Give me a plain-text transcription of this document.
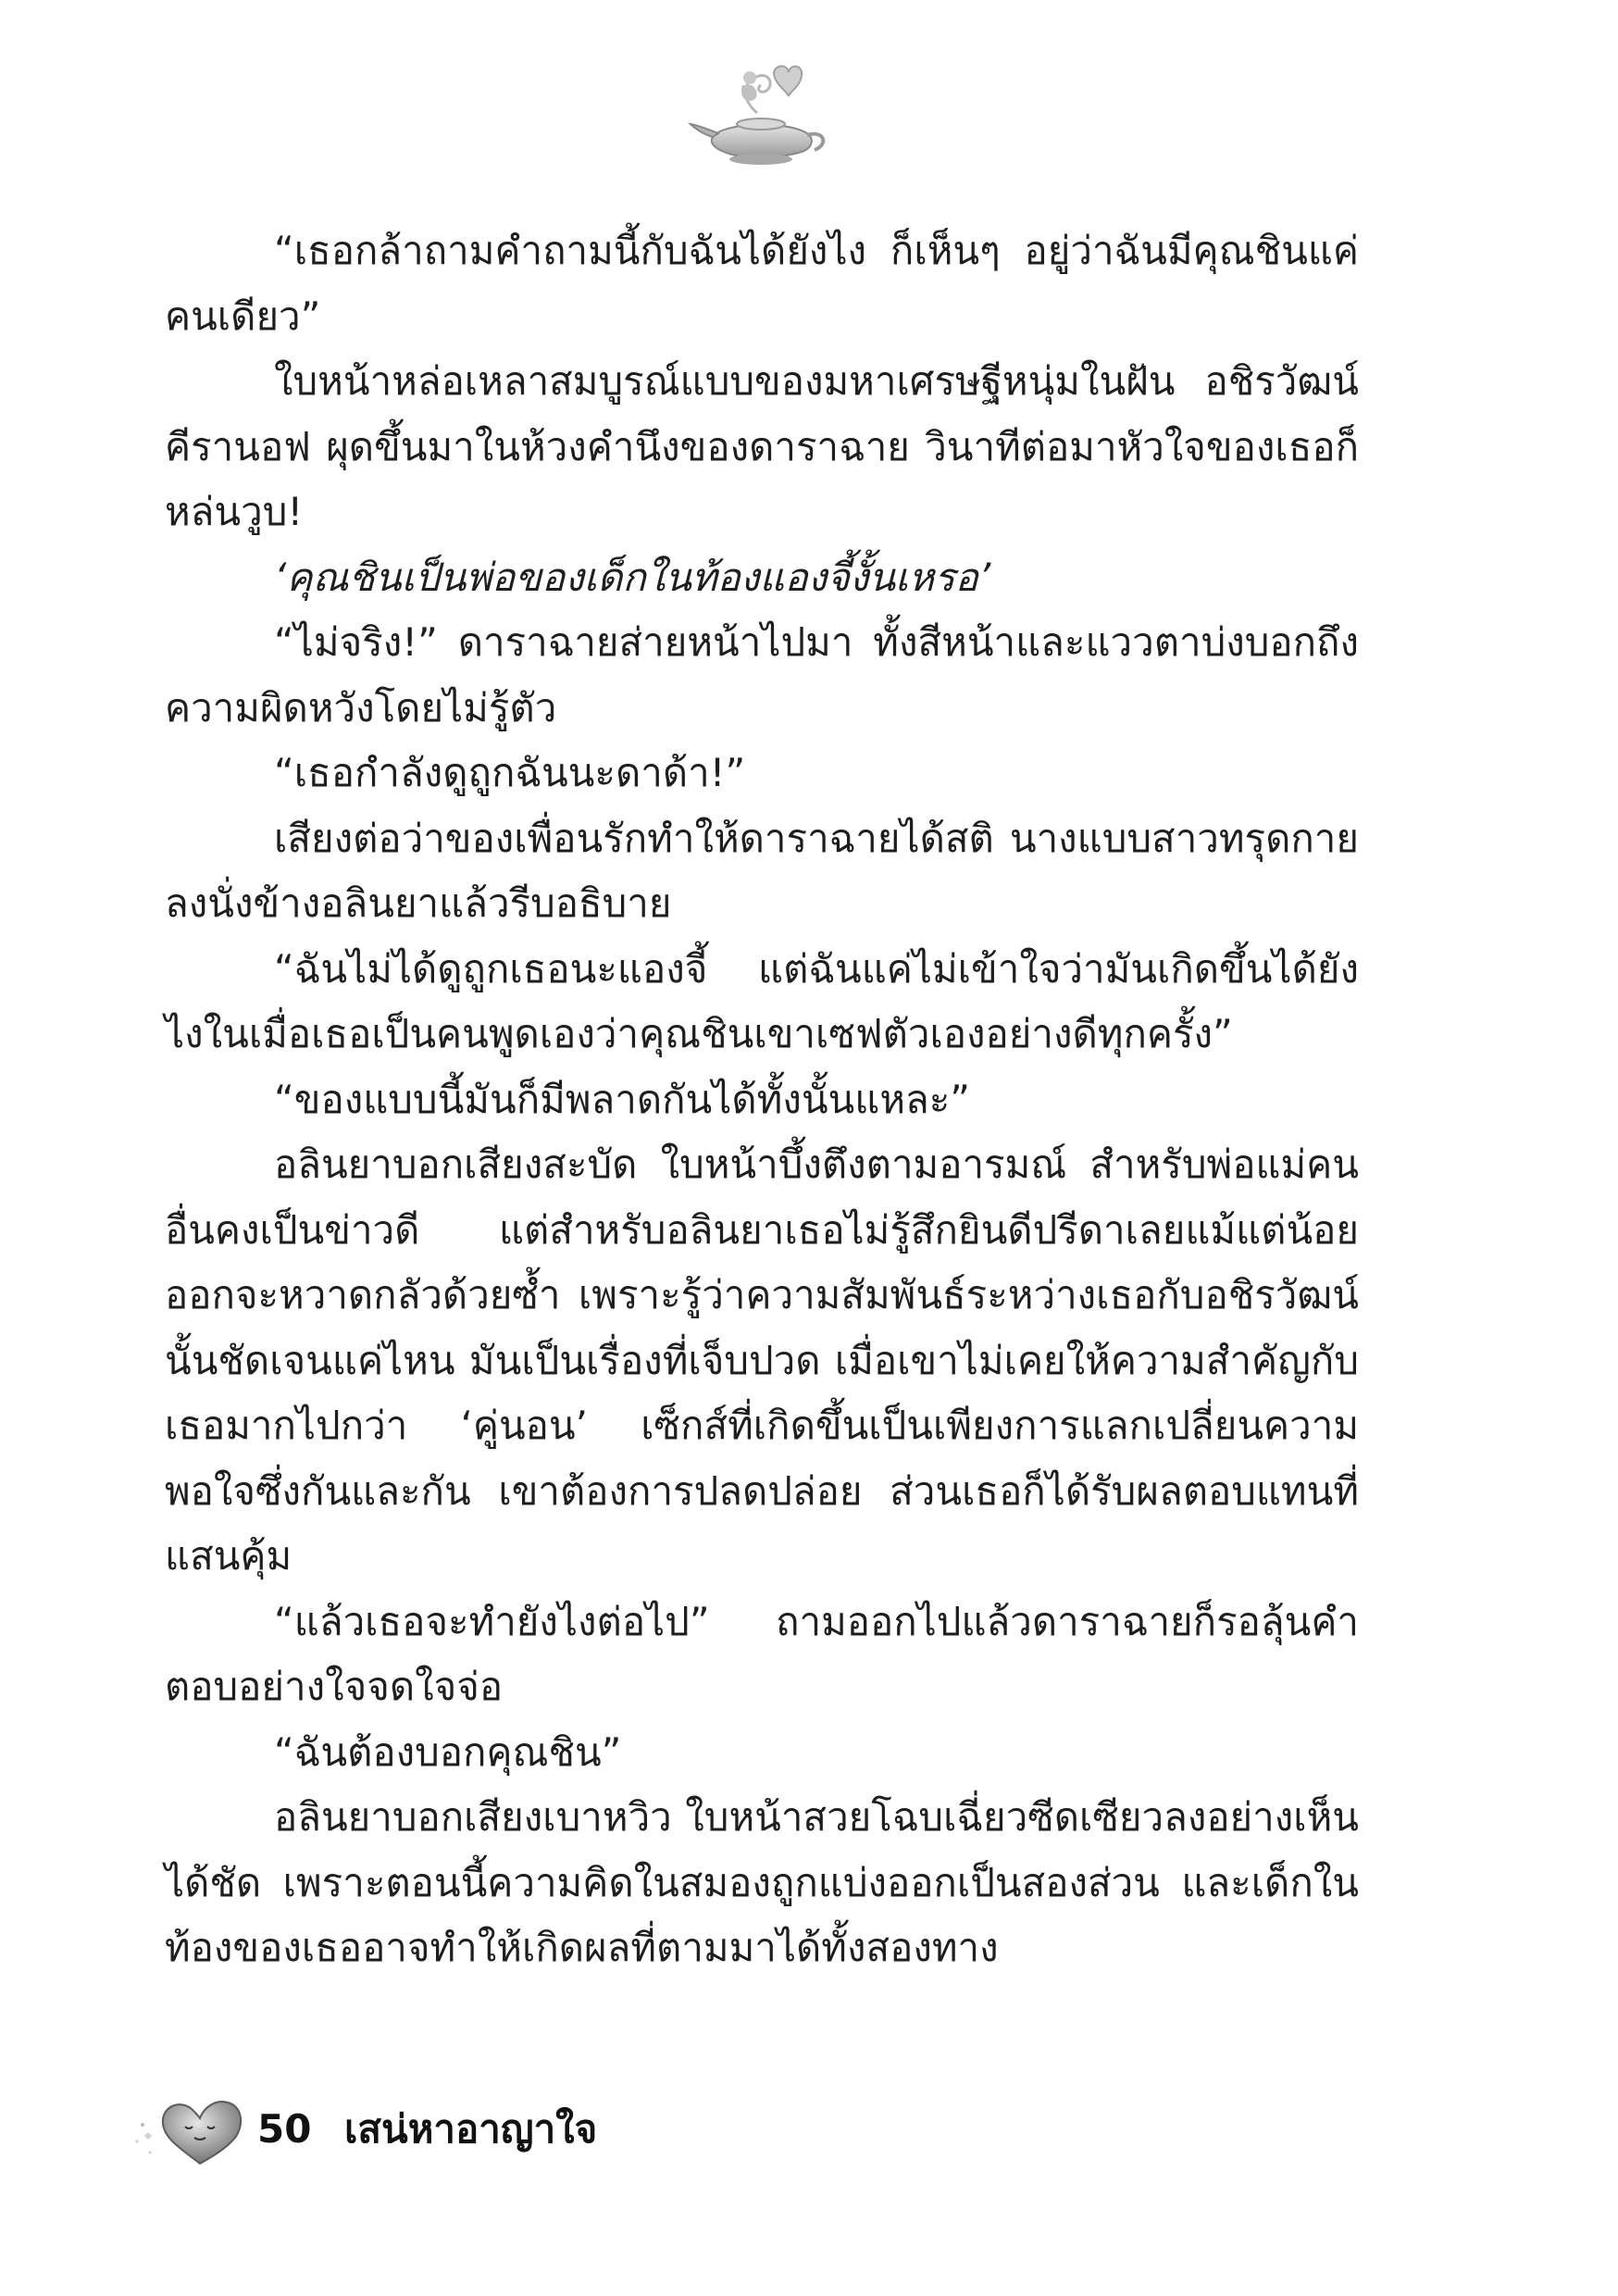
“เธอกล้าถามคำถามนี้กับฉันได้ยังไง ก็เห็นๆ อยู่ว่าฉันมีคุณชินแค่คนเดียว”

ใบหน้าหล่อเหลาสมบูรณ์แบบของมหาเศรษฐีหนุ่มในฝัน อชิรวัฒน์ คีรานอฟ ผุดขึ้นมาในห้วงคำนึงของดาราฉาย วินาทีต่อมาหัวใจของเธอก็หล่นวูบ!

‘คุณชินเป็นพ่อของเด็กในท้องแองจี้งั้นเหรอ’

“ไม่จริง!” ดาราฉายส่ายหน้าไปมา ทั้งสีหน้าและแววตาบ่งบอกถึงความผิดหวังโดยไม่รู้ตัว

“เธอกำลังดูถูกฉันนะดาด้า!”

เสียงต่อว่าของเพื่อนรักทำให้ดาราฉายได้สติ นางแบบสาวทรุดกายลงนั่งข้างอลินยาแล้วรีบอธิบาย

“ฉันไม่ได้ดูถูกเธอนะแองจี้ แต่ฉันแค่ไม่เข้าใจว่ามันเกิดขึ้นได้ยังไงในเมื่อเธอเป็นคนพูดเองว่าคุณชินเขาเซฟตัวเองอย่างดีทุกครั้ง”

“ของแบบนี้มันก็มีพลาดกันได้ทั้งนั้นแหละ”

อลินยาบอกเสียงสะบัด ใบหน้าบึ้งตึงตามอารมณ์ สำหรับพ่อแม่คนอื่นคงเป็นข่าวดี แต่สำหรับอลินยาเธอไม่รู้สึกยินดีปรีดาเลยแม้แต่น้อยออกจะหวาดกลัวด้วยซ้ำ เพราะรู้ว่าความสัมพันธ์ระหว่างเธอกับอชิรวัฒน์นั้นชัดเจนแค่ไหน มันเป็นเรื่องที่เจ็บปวด เมื่อเขาไม่เคยให้ความสำคัญกับเธอมากไปกว่า ‘คู่นอน’ เซ็กส์ที่เกิดขึ้นเป็นเพียงการแลกเปลี่ยนความพอใจซึ่งกันและกัน เขาต้องการปลดปล่อย ส่วนเธอก็ได้รับผลตอบแทนที่แสนคุ้ม

“แล้วเธอจะทำยังไงต่อไป” ถามออกไปแล้วดาราฉายก็รอลุ้นคำตอบอย่างใจจดใจจ่อ

“ฉันต้องบอกคุณชิน”

อลินยาบอกเสียงเบาหวิว ใบหน้าสวยโฉบเฉี่ยวซีดเซียวลงอย่างเห็นได้ชัด เพราะตอนนี้ความคิดในสมองถูกแบ่งออกเป็นสองส่วน และเด็กในท้องของเธออาจทำให้เกิดผลที่ตามมาได้ทั้งสองทาง

50 เสน่หาอาญาใจ
